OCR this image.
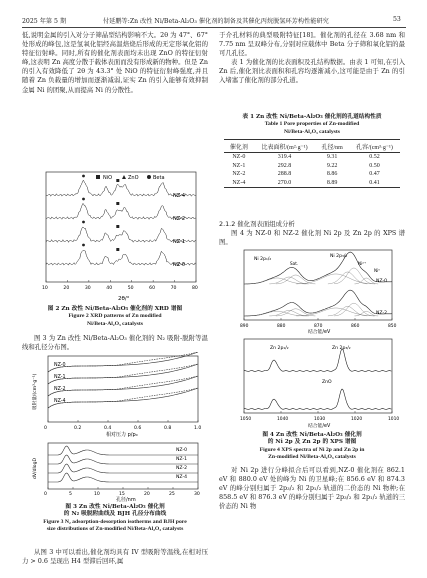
2025 年第 5 期	付延鹏等:Zn 改性 Ni/Beta-Al₂O₃ 催化剂的制备及其催化丙烷脱氢环芳构性能研究	53

低,说明金属的引入对分子筛晶型结构影响不大。2θ 为 47°、67° 处形成的峰包,这是氢氧化铝经高温焙烧后形成的无定形氧化铝的特征衍射峰。同时,所有的催化剂表面均未出现 ZnO 的特征衍射峰,这表明 Zn 高度分散于载体表面而没有形成新的物种。但是 Zn 的引入有效降低了 2θ 为 43.3° 处 NiO 的特征衍射峰强度,并且随着 Zn 负载量的增加而逐渐减弱,证实 Zn 的引入能够有效抑制金属 Ni 的团聚,从而提高 Ni 的分散性。

NiO	ZnO	Beta
NZ-4
NZ-2
NZ-1
NZ-0
10	20	30	40	50	60	70	80
2θ/°
图 2 Zn 改性 Ni/Beta-Al₂O₃ 催化剂的 XRD 谱图
Figure 2 XRD patterns of Zn modified
Ni/Beta-Al₂O₃ catalysts

图 3 为 Zn 改性 Ni/Beta-Al₂O₃ 催化剂的 N₂ 吸附-脱附等温线和孔径分布图。

NZ-0
NZ-1
NZ-2
NZ-4
0	0.2	0.4	0.6	0.8	1.0
相对压力 p/p₀
吸附量/(cm³·g⁻¹)
NZ-0
NZ-1
NZ-2
NZ-4
0	5	10	15	20	25	30
孔径/nm
dV/dlogD
图 3 Zn 改性 Ni/Beta-Al₂O₃ 催化剂
的 N₂ 吸脱附曲线及 BJH 孔径分布曲线
Figure 3 N₂ adsorption-desorption isotherms and BJH pore
size distributions of Zn-modified Ni/Beta-Al₂O₃ catalysts

从图 3 中可以看出,催化剂均具有 IV 型吸附等温线,在相对压力 > 0.6 呈现出 H4 型滞后回环,属

于介孔材料的典型吸附特征[18]。催化剂的孔径在 3.68 nm 和 7.75 nm 呈双峰分布,分别对应载体中 Beta 分子筛和氧化铝的最可几孔径。

表 1 为催化剂的比表面积及孔结构数据。由表 1 可知,在引入 Zn 后,催化剂比表面积和孔容均逐渐减小,这可能是由于 Zn 的引入堵塞了催化剂的部分孔道。

表 1 Zn 改性 Ni/Beta-Al₂O₃ 催化剂的孔道结构性质
Table 1 Pore properties of Zn-modified
Ni/Beta-Al₂O₃ catalysts
催化剂	比表面积/(m²·g⁻¹)	孔径/nm	孔容/(cm³·g⁻¹)
NZ-0	319.4	9.31	0.52
NZ-1	292.8	9.22	0.50
NZ-2	288.8	8.86	0.47
NZ-4	270.0	8.89	0.41

2.1.2 催化剂表面组成分析

图 4 为 NZ-0 和 NZ-2 催化剂 Ni 2p 及 Zn 2p 的 XPS 谱图。

Ni 2p₃/₂
Ni 2p₁/₂
Sat.	Ni²⁺
Ni⁰
NZ-0
NZ-2
890	880	870	860	850
结合能/eV
Zn 2p₁/₂	Zn 2p₃/₂
ZnO
1050	1040	1030	1020	1010
结合能/eV
图 4 Zn 改性 Ni/Beta-Al₂O₃ 催化剂
的 Ni 2p 及 Zn 2p 的 XPS 谱图
Figure 4 XPS spectra of Ni 2p and Zn 2p in
Zn-modified Ni/Beta-Al₂O₃ catalysts

对 Ni 2p 进行分峰拟合后可以看到,NZ-0 催化剂在 862.1 eV 和 880.0 eV 处的峰为 Ni 的卫星峰;在 856.6 eV 和 874.3 eV 的峰分别归属于 2p₃/₂ 和 2p₁/₂ 轨道的二价态的 Ni 物种;在 858.5 eV 和 876.3 eV 的峰分别归属于 2p₃/₂ 和 2p₁/₂ 轨道的三价态的 Ni 物
